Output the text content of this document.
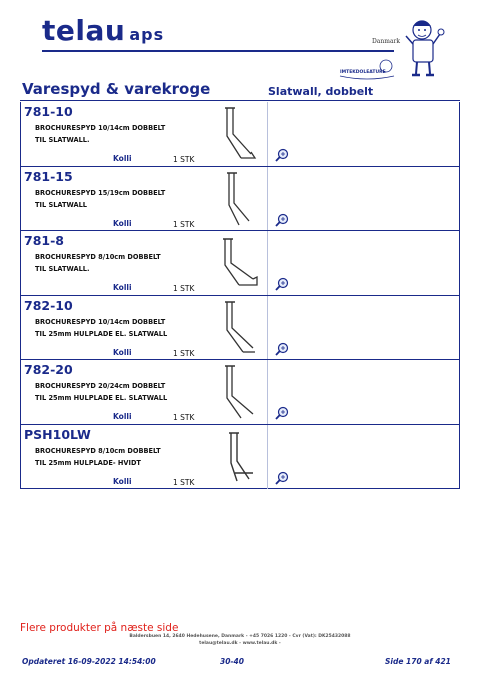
telau aps	Danmark
IMTEKDOLEATURE
Varespyd & varekroge	Slatwall, dobbelt
781-10
BROCHURESPYD 10/14cm DOBBELT
TIL SLATWALL.
Kolli	1 STK
781-15
BROCHURESPYD 15/19cm DOBBELT
TIL SLATWALL
Kolli	1 STK
781-8
BROCHURESPYD 8/10cm DOBBELT
TIL SLATWALL.
Kolli	1 STK
782-10
BROCHURESPYD 10/14cm DOBBELT
TIL 25mm HULPLADE EL. SLATWALL
Kolli	1 STK
782-20
BROCHURESPYD 20/24cm DOBBELT
TIL 25mm HULPLADE EL. SLATWALL
Kolli	1 STK
PSH10LW
BROCHURESPYD 8/10cm DOBBELT
TIL 25mm HULPLADE- HVIDT
Kolli	1 STK
Flere produkter på næste side
Baldersbuen 14, 2640 Hedehusene, Danmark - +45 7026 1220 - Cvr (Vat): DK25432088
telau@telau.dk - www.telau.dk -
Opdateret 16-09-2022 14:54:00	30-40	Side 170 af 421
